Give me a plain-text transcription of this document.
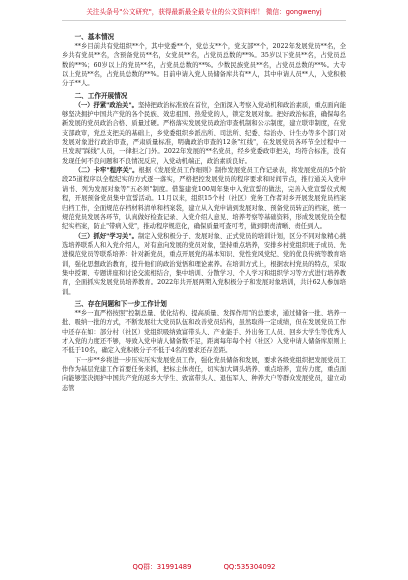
关注头条号"公文研究"，获得最新最全最专业的公文资料库！ 微信：gongwenyj
一、基本情况

**乡目前共有党组织**个，其中党委**个，党总支**个，党支部**个，2022年发展党员**名，全乡共有党员**名，含预备党员**名，女党员**名，占党员总数的**%。35岁以下党员**名，占党员总数的**%；60岁以上的党员**名，占党员总数的**%。少数民族党员**名，占党员总数的**%。大专以上党员**名，占党员总数的**%。目前申请入党人员储备库共有**人，其中申请人员**人，入党积极分子**人。

二、工作开展情况

（一）抒紧"政治关"。坚持把政治标准放在首位，全面深入考察入党动机和政治素质，重点面向能够坚决拥护中国共产党的各个民族、效忠祖国、热爱党的人，锁定发展对象。把好政治标准，确保每名新发展的党员政治合格、质量过硬。严格落实发展党员政治审查机制和公示制度，建立联审制度，在党支部政审，党总支把关的基础上，乡党委组织乡派出所、司法所、纪委、综治办、计生办等多个部门对发展对象进行政治审查，严肃质量标准，明确政治审查的12条"红线"，在发展党员各环节全过程中一旦发现"踩线"人员，一律拒之门外。2022年发展的**名党员，经乡党委政审把关，均符合标准，没有发现任何不良问题和不良情况反应，入党动机端正，政治素质良好。

（二）卡牢"程序关"。根据《发展党员工作细则》制作发展党员工作记录表，将发展党员的5个阶段25道程序以全程纪实的方式逐一落实，严格把控发展党员的程序要求和时间节点，推行通关入党申请书、列为发展对象等"五必须"制度。借鉴建党100周年集中入党宣誓的做法，完善入党宣誓仪式规程，开展预备党员集中宣誓活动。11月以来，组织15个村（社区）党务工作者对乡开展发展党员档案归档工作，全面规范存档材料清单和档案袋，建立从入党申请到发展对象、预备党员转正的档案，统一规范党员发展各环节，认真做好检查记录、入党介绍人意见、培养考察等基础资料，形成发展党员全程纪实档案，防止"带病入党"，推动程序规范化，确保质量可查可考，做到职责清晰、责任到人。

（三）抓好"学习关"。制定入党积极分子、发展对象、正式党员的培训计划，区分不同对象精心挑选培养联系人和入党介绍人，对有意向发展的党员对象，坚持重点培养，安排乡村党组织班子成员、先进模范党员等联系培养：针对新党员，重点开展党的基本知识、党性党风党纪、党的优良传统等教育培训，强化思想政治教育，提升他们的政治觉悟和理论素养。在培训方式上，根据农村党员的特点，采取集中授课、专题讲座和讨论交流相结合，集中培训、分散学习、个人学习和组织学习等方式进行培养教育，全面抓实发展党员培养教育。2022年共开展两期入党积极分子和发展对象培训，共计62人参加培训。

三、存在问题和下一步工作计划

**乡一直严格按照"控制总量、优化结构、提高质量、发挥作用"的总要求，通过储备一批、培养一批、吸纳一批的方式，不断发展壮大党员队伍和改善党员结构，虽然取得一定成绩，但在发展党员工作中还存在如：部分村（社区）党组织吸纳致富带头人、产业能手、外出务工人员、回乡大学生等优秀人才入党的力度还不够，导致入党申请人储备数不足，距离每年每个村（社区）入党申请人储备库原则上不低于10名，确定入党积极分子不低于4名的要求还存差距。

下一步**乡将进一步压实压实发展党员工作，强化党员储备和发展，要求各级党组织把发展党员工作作为基层党建工作首要任务来抓，把标主体责任，切实加大调头培养、重点培养，宣传力度，重点面向能够坚决拥护中国共产党的返乡大学生、致富带头人、退伍军人、种养大户等群众发展党员，建立动态管

QQ群：31991489	QQ:535304092
